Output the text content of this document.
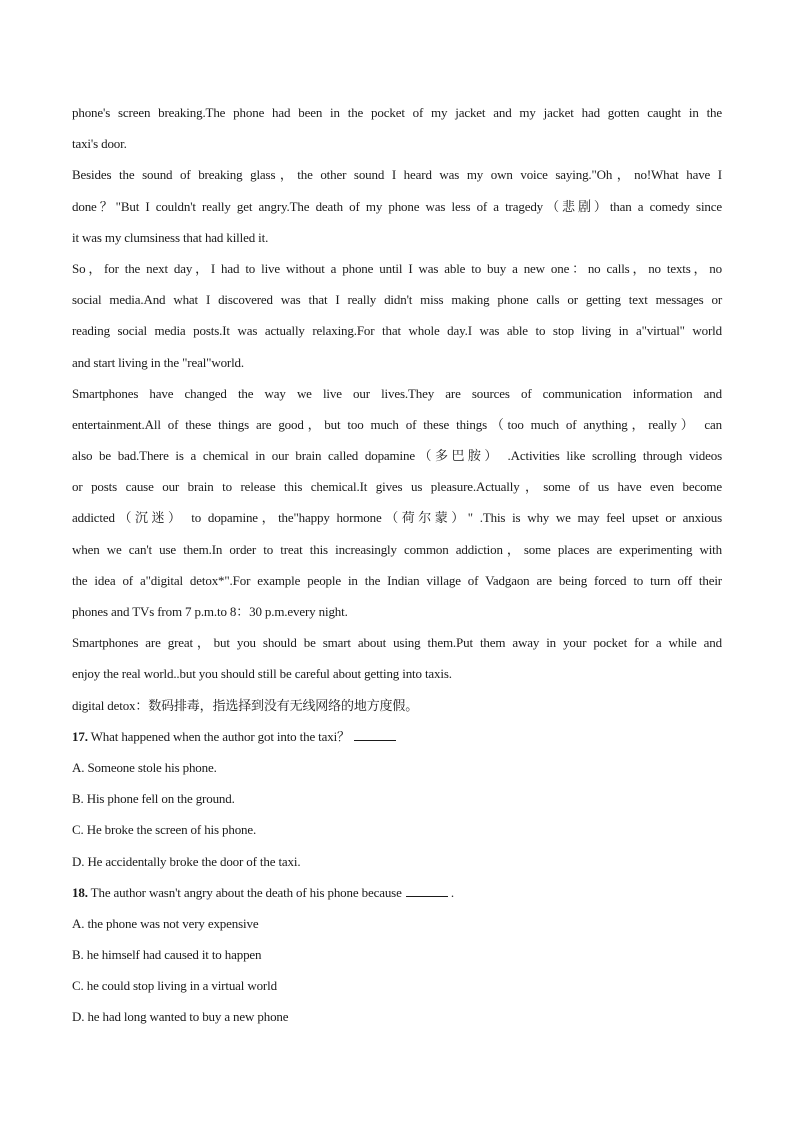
phone's screen breaking.The phone had been in the pocket of my jacket and my jacket had gotten caught in the
taxi's door.
Besides the sound of breaking glass，the other sound I heard was my own voice saying."Oh，no!What have I
done？"But I couldn't really get angry.The death of my phone was less of a tragedy（悲剧）than a comedy since
it was my clumsiness that had killed it.
So，for the next day，I had to live without a phone until I was able to buy a new one：no calls，no texts，no
social media.And what I discovered was that I really didn't miss making phone calls or getting text messages or
reading social media posts.It was actually relaxing.For that whole day.I was able to stop living in a"virtual" world
and start living in the "real"world.
Smartphones have changed the way we live our lives.They are sources of communication information and
entertainment.All of these things are good，but too much of these things（too much of anything，really） can
also be bad.There is a chemical in our brain called dopamine（多巴胺） .Activities like scrolling through videos
or posts cause our brain to release this chemical.It gives us pleasure.Actually，some of us have even become
addicted（沉迷） to dopamine，the"happy hormone（荷尔蒙）" .This is why we may feel upset or anxious
when we can't use them.In order to treat this increasingly common addiction，some places are experimenting with
the idea of a"digital detox*".For example people in the Indian village of Vadgaon are being forced to turn off their
phones and TVs from 7 p.m.to 8：30 p.m.every night.
Smartphones are great，but you should be smart about using them.Put them away in your pocket for a while and
enjoy the real world..but you should still be careful about getting into taxis.
digital detox：数码排毒，指选择到没有无线网络的地方度假。
17. What happened when the author got into the taxi？
A. Someone stole his phone.
B. His phone fell on the ground.
C. He broke the screen of his phone.
D. He accidentally broke the door of the taxi.
18. The author wasn't angry about the death of his phone because	.
A. the phone was not very expensive
B. he himself had caused it to happen
C. he could stop living in a virtual world
D. he had long wanted to buy a new phone
